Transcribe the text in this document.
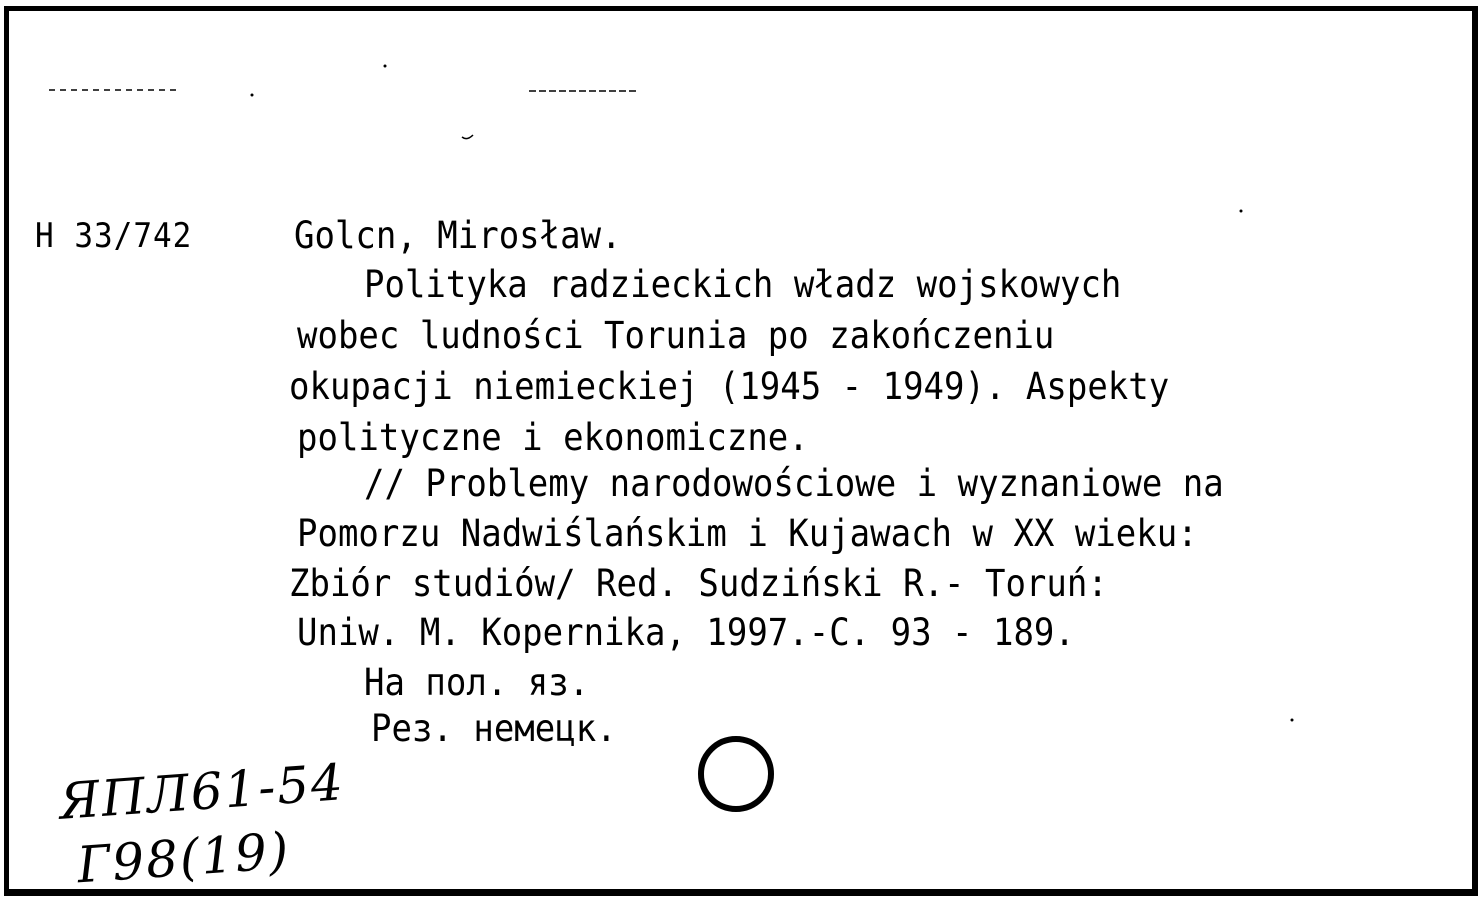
H 33/742	Golcn, Mirosław.
Polityka radzieckich władz wojskowych
wobec ludności Torunia po zakończeniu
okupacji niemieckiej (1945 - 1949). Aspekty
polityczne i ekonomiczne.
// Problemy narodowościowe i wyznaniowe na
Pomorzu Nadwiślańskim i Kujawach w XX wieku:
Zbiór studiów/ Red. Sudziński R.- Toruń:
Uniw. M. Kopernika, 1997.-C. 93 - 189.
На пол. яз.
Рез. немецк.
ЯПЛ61-54
Г98(19)
